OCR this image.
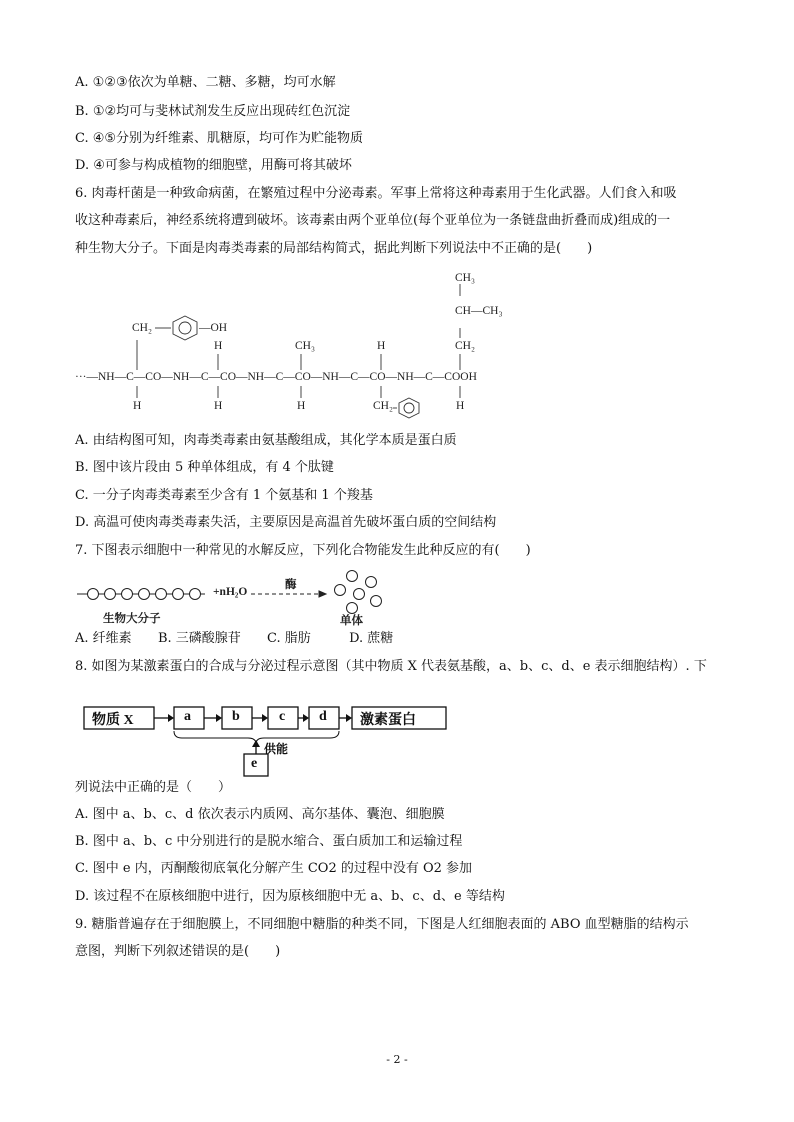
A. ①②③依次为单糖、二糖、多糖，均可水解
B. ①②均可与斐林试剂发生反应出现砖红色沉淀
C. ④⑤分别为纤维素、肌糖原，均可作为贮能物质
D. ④可参与构成植物的细胞壁，用酶可将其破坏
6. 肉毒杆菌是一种致命病菌，在繁殖过程中分泌毒素。军事上常将这种毒素用于生化武器。人们食入和吸
收这种毒素后，神经系统将遭到破坏。该毒素由两个亚单位(每个亚单位为一条链盘曲折叠而成)组成的一
种生物大分子。下面是肉毒类毒素的局部结构简式，据此判断下列说法中不正确的是(　　)
CH₃
CH—CH₃
CH₂	—OH
H	CH₃	H	CH₂
···—NH—C—CO—NH—C—CO—NH—C—CO—NH—C—CO—NH—C—COOH
H	H	H	CH₂	H
A. 由结构图可知，肉毒类毒素由氨基酸组成，其化学本质是蛋白质
B. 图中该片段由 5 种单体组成，有 4 个肽键
C. 一分子肉毒类毒素至少含有 1 个氨基和 1 个羧基
D. 高温可使肉毒类毒素失活，主要原因是高温首先破坏蛋白质的空间结构
7. 下图表示细胞中一种常见的水解反应，下列化合物能发生此种反应的有(　　)
+nH₂O
酶
生物大分子	单体
A. 纤维素 B. 三磷酸腺苷 C. 脂肪	D. 蔗糖
8. 如图为某激素蛋白的合成与分泌过程示意图（其中物质 X 代表氨基酸，a、b、c、d、e 表示细胞结构）. 下
物质 X	a	b	c d 激素蛋白
供能
e
列说法中正确的是（　　）
A. 图中 a、b、c、d 依次表示内质网、高尔基体、囊泡、细胞膜
B. 图中 a、b、c 中分别进行的是脱水缩合、蛋白质加工和运输过程
C. 图中 e 内，丙酮酸彻底氧化分解产生 CO2 的过程中没有 O2 参加
D. 该过程不在原核细胞中进行，因为原核细胞中无 a、b、c、d、e 等结构
9. 糖脂普遍存在于细胞膜上，不同细胞中糖脂的种类不同，下图是人红细胞表面的 ABO 血型糖脂的结构示
意图，判断下列叙述错误的是(　　)
- 2 -
